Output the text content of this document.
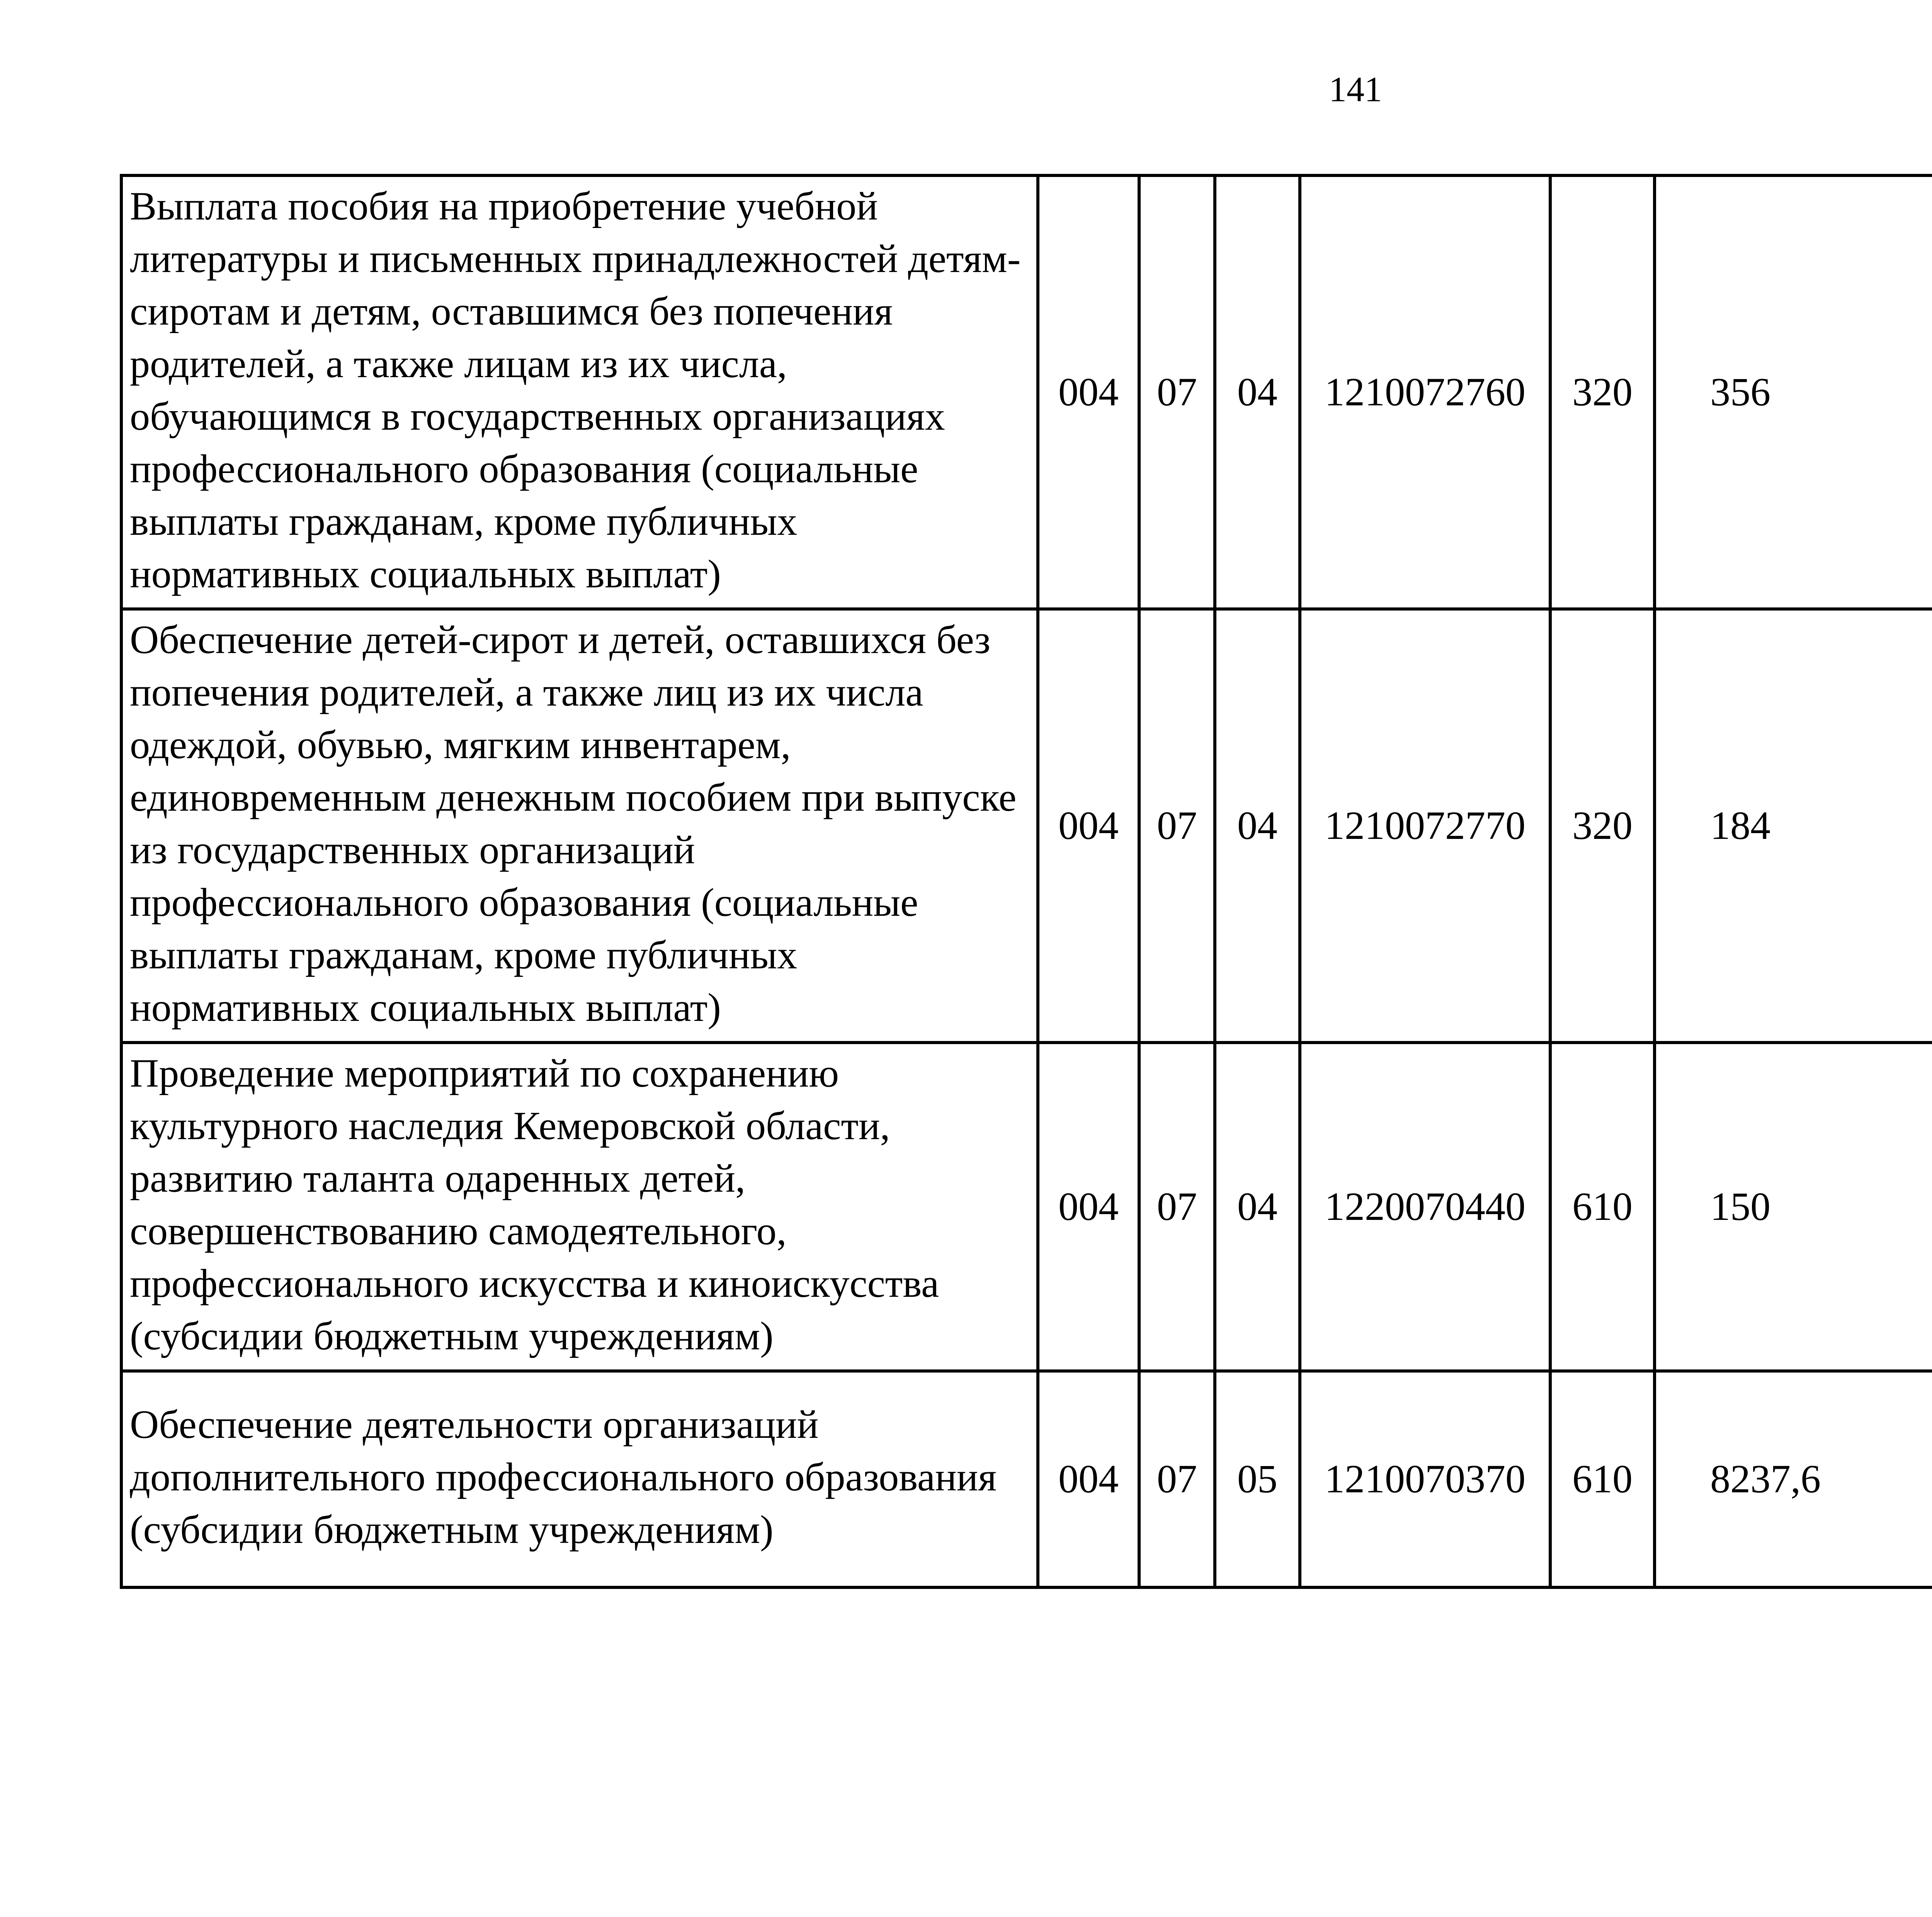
141
Выплата пособия на приобретение учебной литературы и письменных принадлежностей детям-сиротам и детям, оставшимся без попечения родителей, а также лицам из их числа, обучающимся в государственных организациях профессионального образования (социальные выплаты гражданам, кроме публичных нормативных социальных выплат)	004	07	04	1210072760	320	356		
Обеспечение детей-сирот и детей, оставшихся без попечения родителей, а также лиц из их числа одеждой, обувью, мягким инвентарем, единовременным денежным пособием при выпуске из государственных организаций профессионального образования (социальные выплаты гражданам, кроме публичных нормативных социальных выплат)	004	07	04	1210072770	320	184		
Проведение мероприятий по сохранению культурного наследия Кемеровской области, развитию таланта одаренных детей, совершенствованию самодеятельного, профессионального искусства и киноискусства (субсидии бюджетным учреждениям)	004	07	04	1220070440	610	150		
Обеспечение деятельности организаций дополнительного профессионального образования (субсидии бюджетным учреждениям)	004	07	05	1210070370	610	8237,6		
